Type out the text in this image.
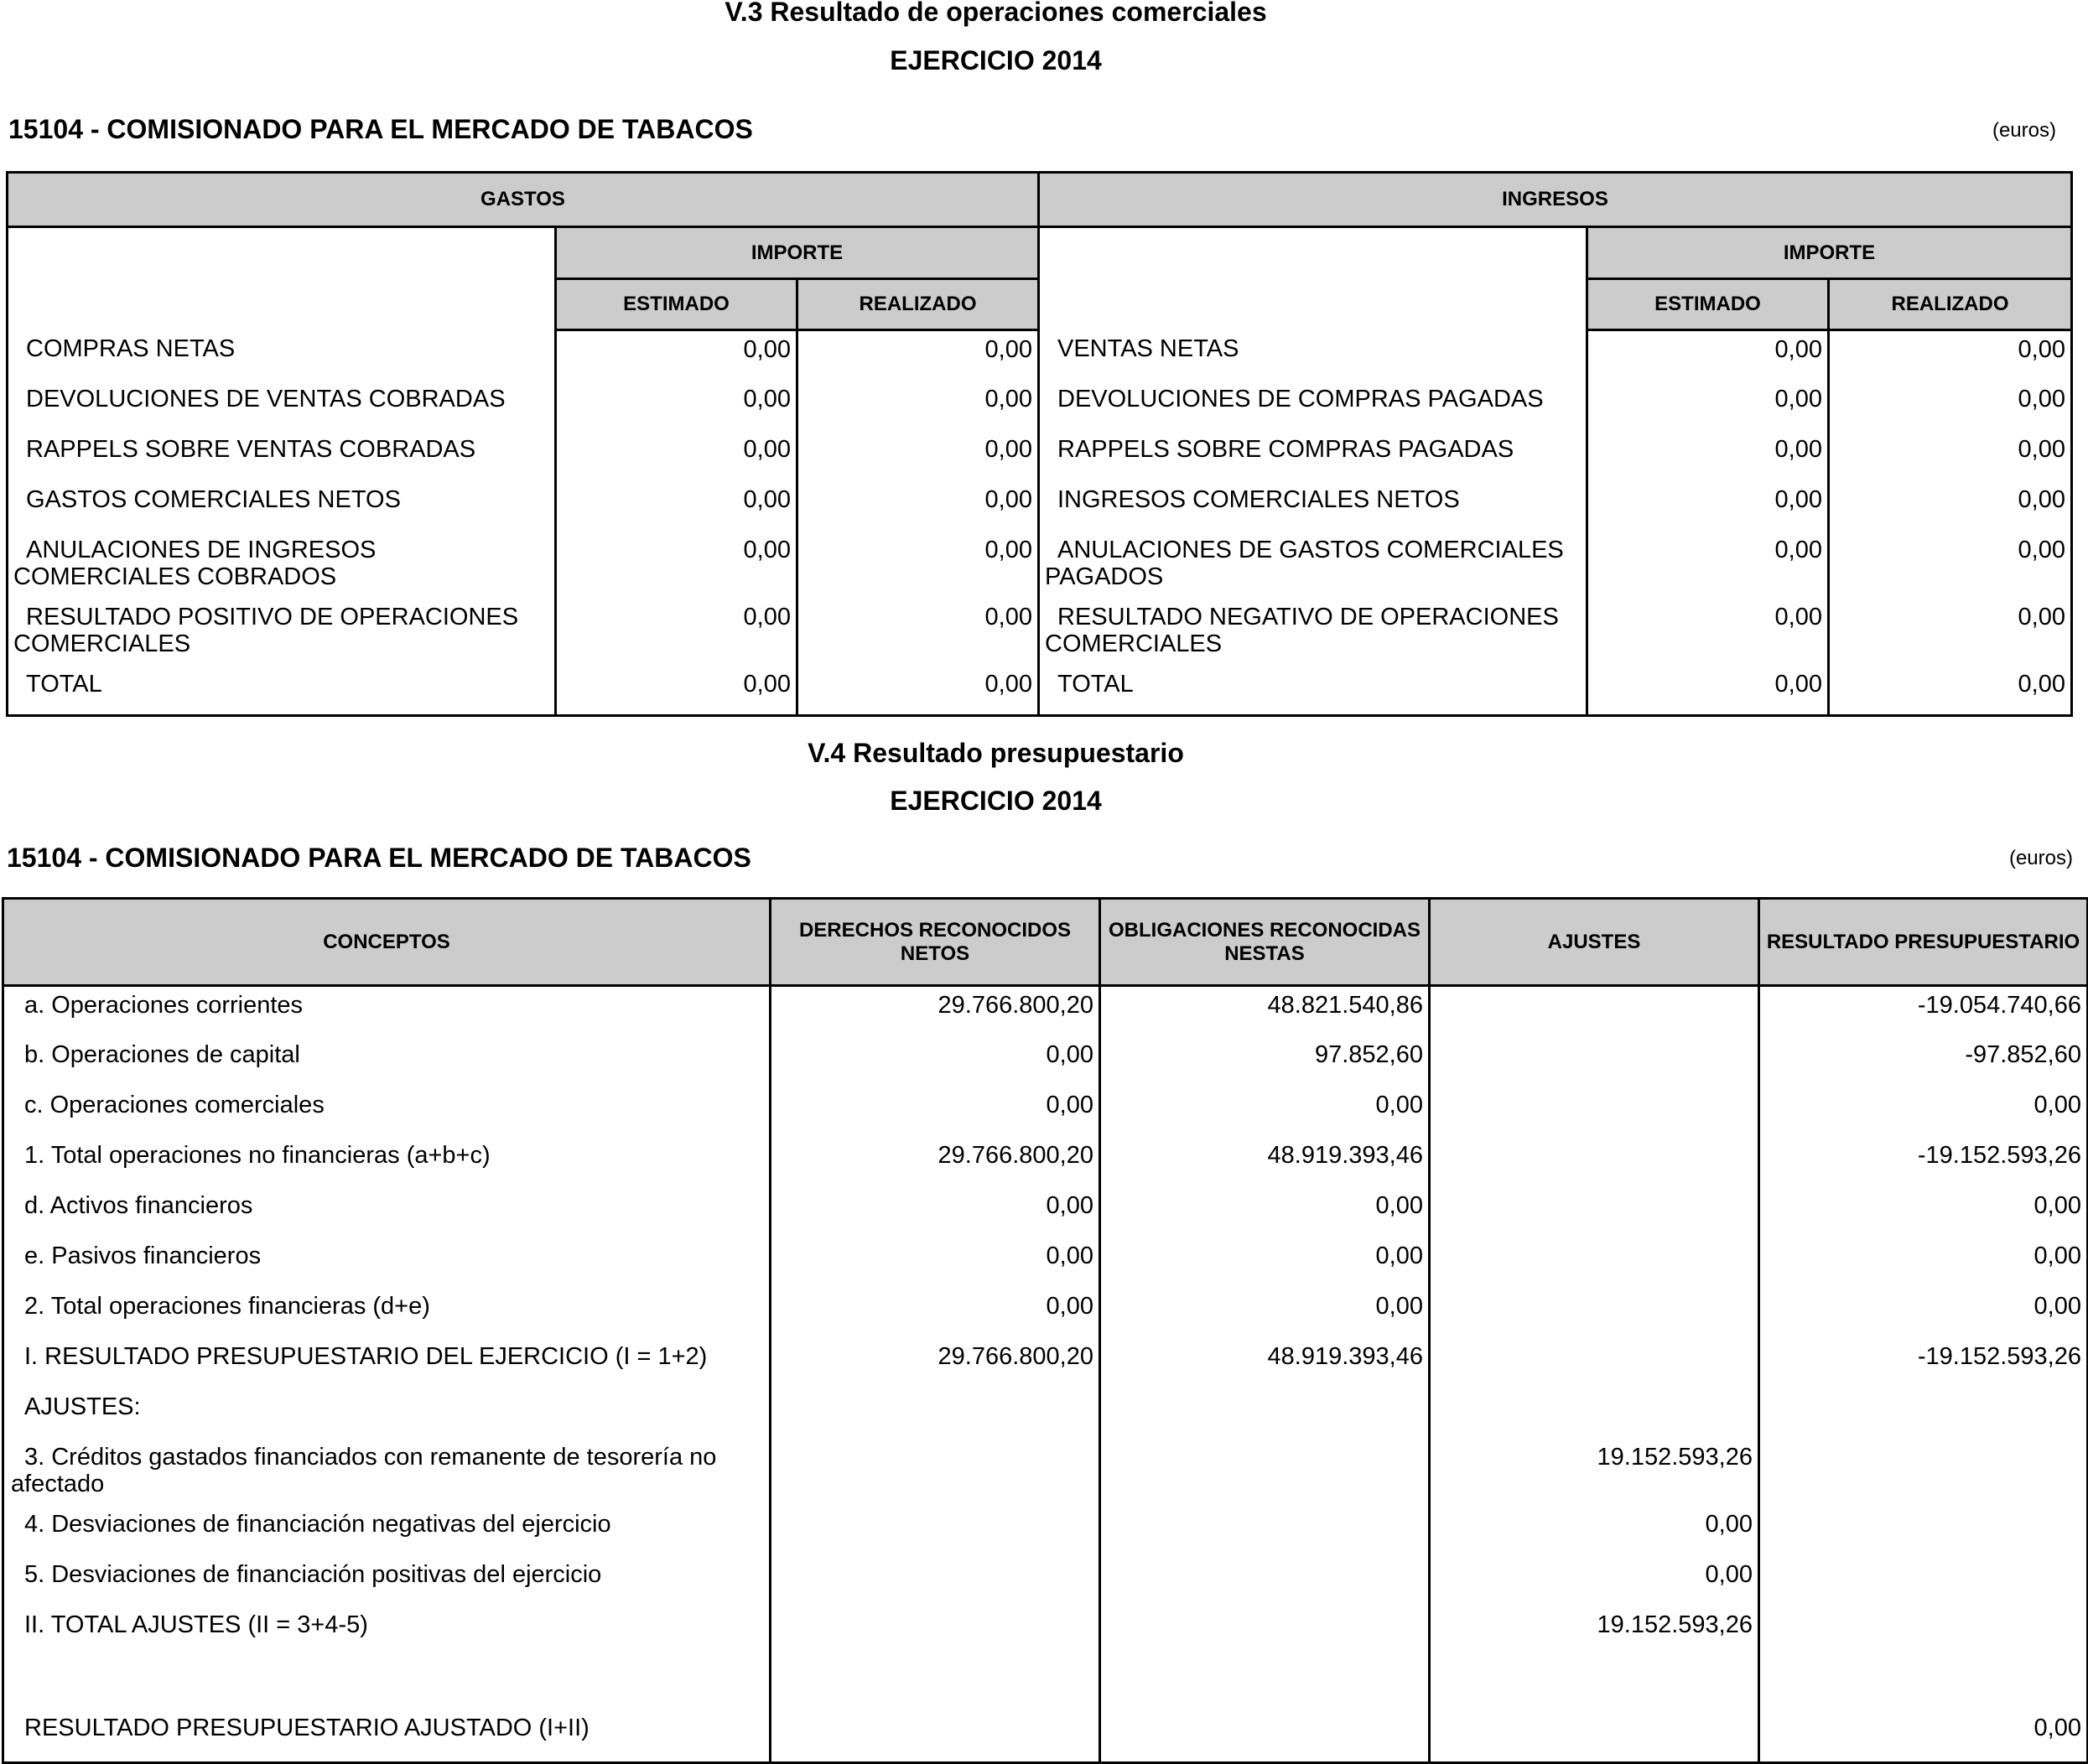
V.3 Resultado de operaciones comerciales
EJERCICIO 2014
15104 - COMISIONADO PARA EL MERCADO DE TABACOS	(euros)
GASTOS			INGRESOS		
	IMPORTE			IMPORTE	
	ESTIMADO	REALIZADO		ESTIMADO	REALIZADO
COMPRAS NETAS	0,00	0,00	VENTAS NETAS	0,00	0,00
DEVOLUCIONES DE VENTAS COBRADAS	0,00	0,00	DEVOLUCIONES DE COMPRAS PAGADAS	0,00	0,00
RAPPELS SOBRE VENTAS COBRADAS	0,00	0,00	RAPPELS SOBRE COMPRAS PAGADAS	0,00	0,00
GASTOS COMERCIALES NETOS	0,00	0,00	INGRESOS COMERCIALES NETOS	0,00	0,00
ANULACIONES DE INGRESOS COMERCIALES COBRADOS	0,00	0,00	ANULACIONES DE GASTOS COMERCIALES PAGADOS	0,00	0,00
RESULTADO POSITIVO DE OPERACIONES COMERCIALES	0,00	0,00	RESULTADO NEGATIVO DE OPERACIONES COMERCIALES	0,00	0,00
TOTAL	0,00	0,00	TOTAL	0,00	0,00
V.4 Resultado presupuestario
EJERCICIO 2014
15104 - COMISIONADO PARA EL MERCADO DE TABACOS	(euros)
CONCEPTOS	DERECHOS RECONOCIDOS NETOS	OBLIGACIONES RECONOCIDAS NESTAS	AJUSTES	RESULTADO PRESUPUESTARIO
a. Operaciones corrientes	29.766.800,20	48.821.540,86		-19.054.740,66
b. Operaciones de capital	0,00	97.852,60		-97.852,60
c. Operaciones comerciales	0,00	0,00		0,00
1. Total operaciones no financieras (a+b+c)	29.766.800,20	48.919.393,46		-19.152.593,26
d. Activos financieros	0,00	0,00		0,00
e. Pasivos financieros	0,00	0,00		0,00
2. Total operaciones financieras (d+e)	0,00	0,00		0,00
I. RESULTADO PRESUPUESTARIO DEL EJERCICIO (I = 1+2)	29.766.800,20	48.919.393,46		-19.152.593,26
AJUSTES:				
3. Créditos gastados financiados con remanente de tesorería no afectado			19.152.593,26	
4. Desviaciones de financiación negativas del ejercicio			0,00	
5. Desviaciones de financiación positivas del ejercicio			0,00	
II. TOTAL AJUSTES (II = 3+4-5)			19.152.593,26	

RESULTADO PRESUPUESTARIO AJUSTADO (I+II)				0,00
